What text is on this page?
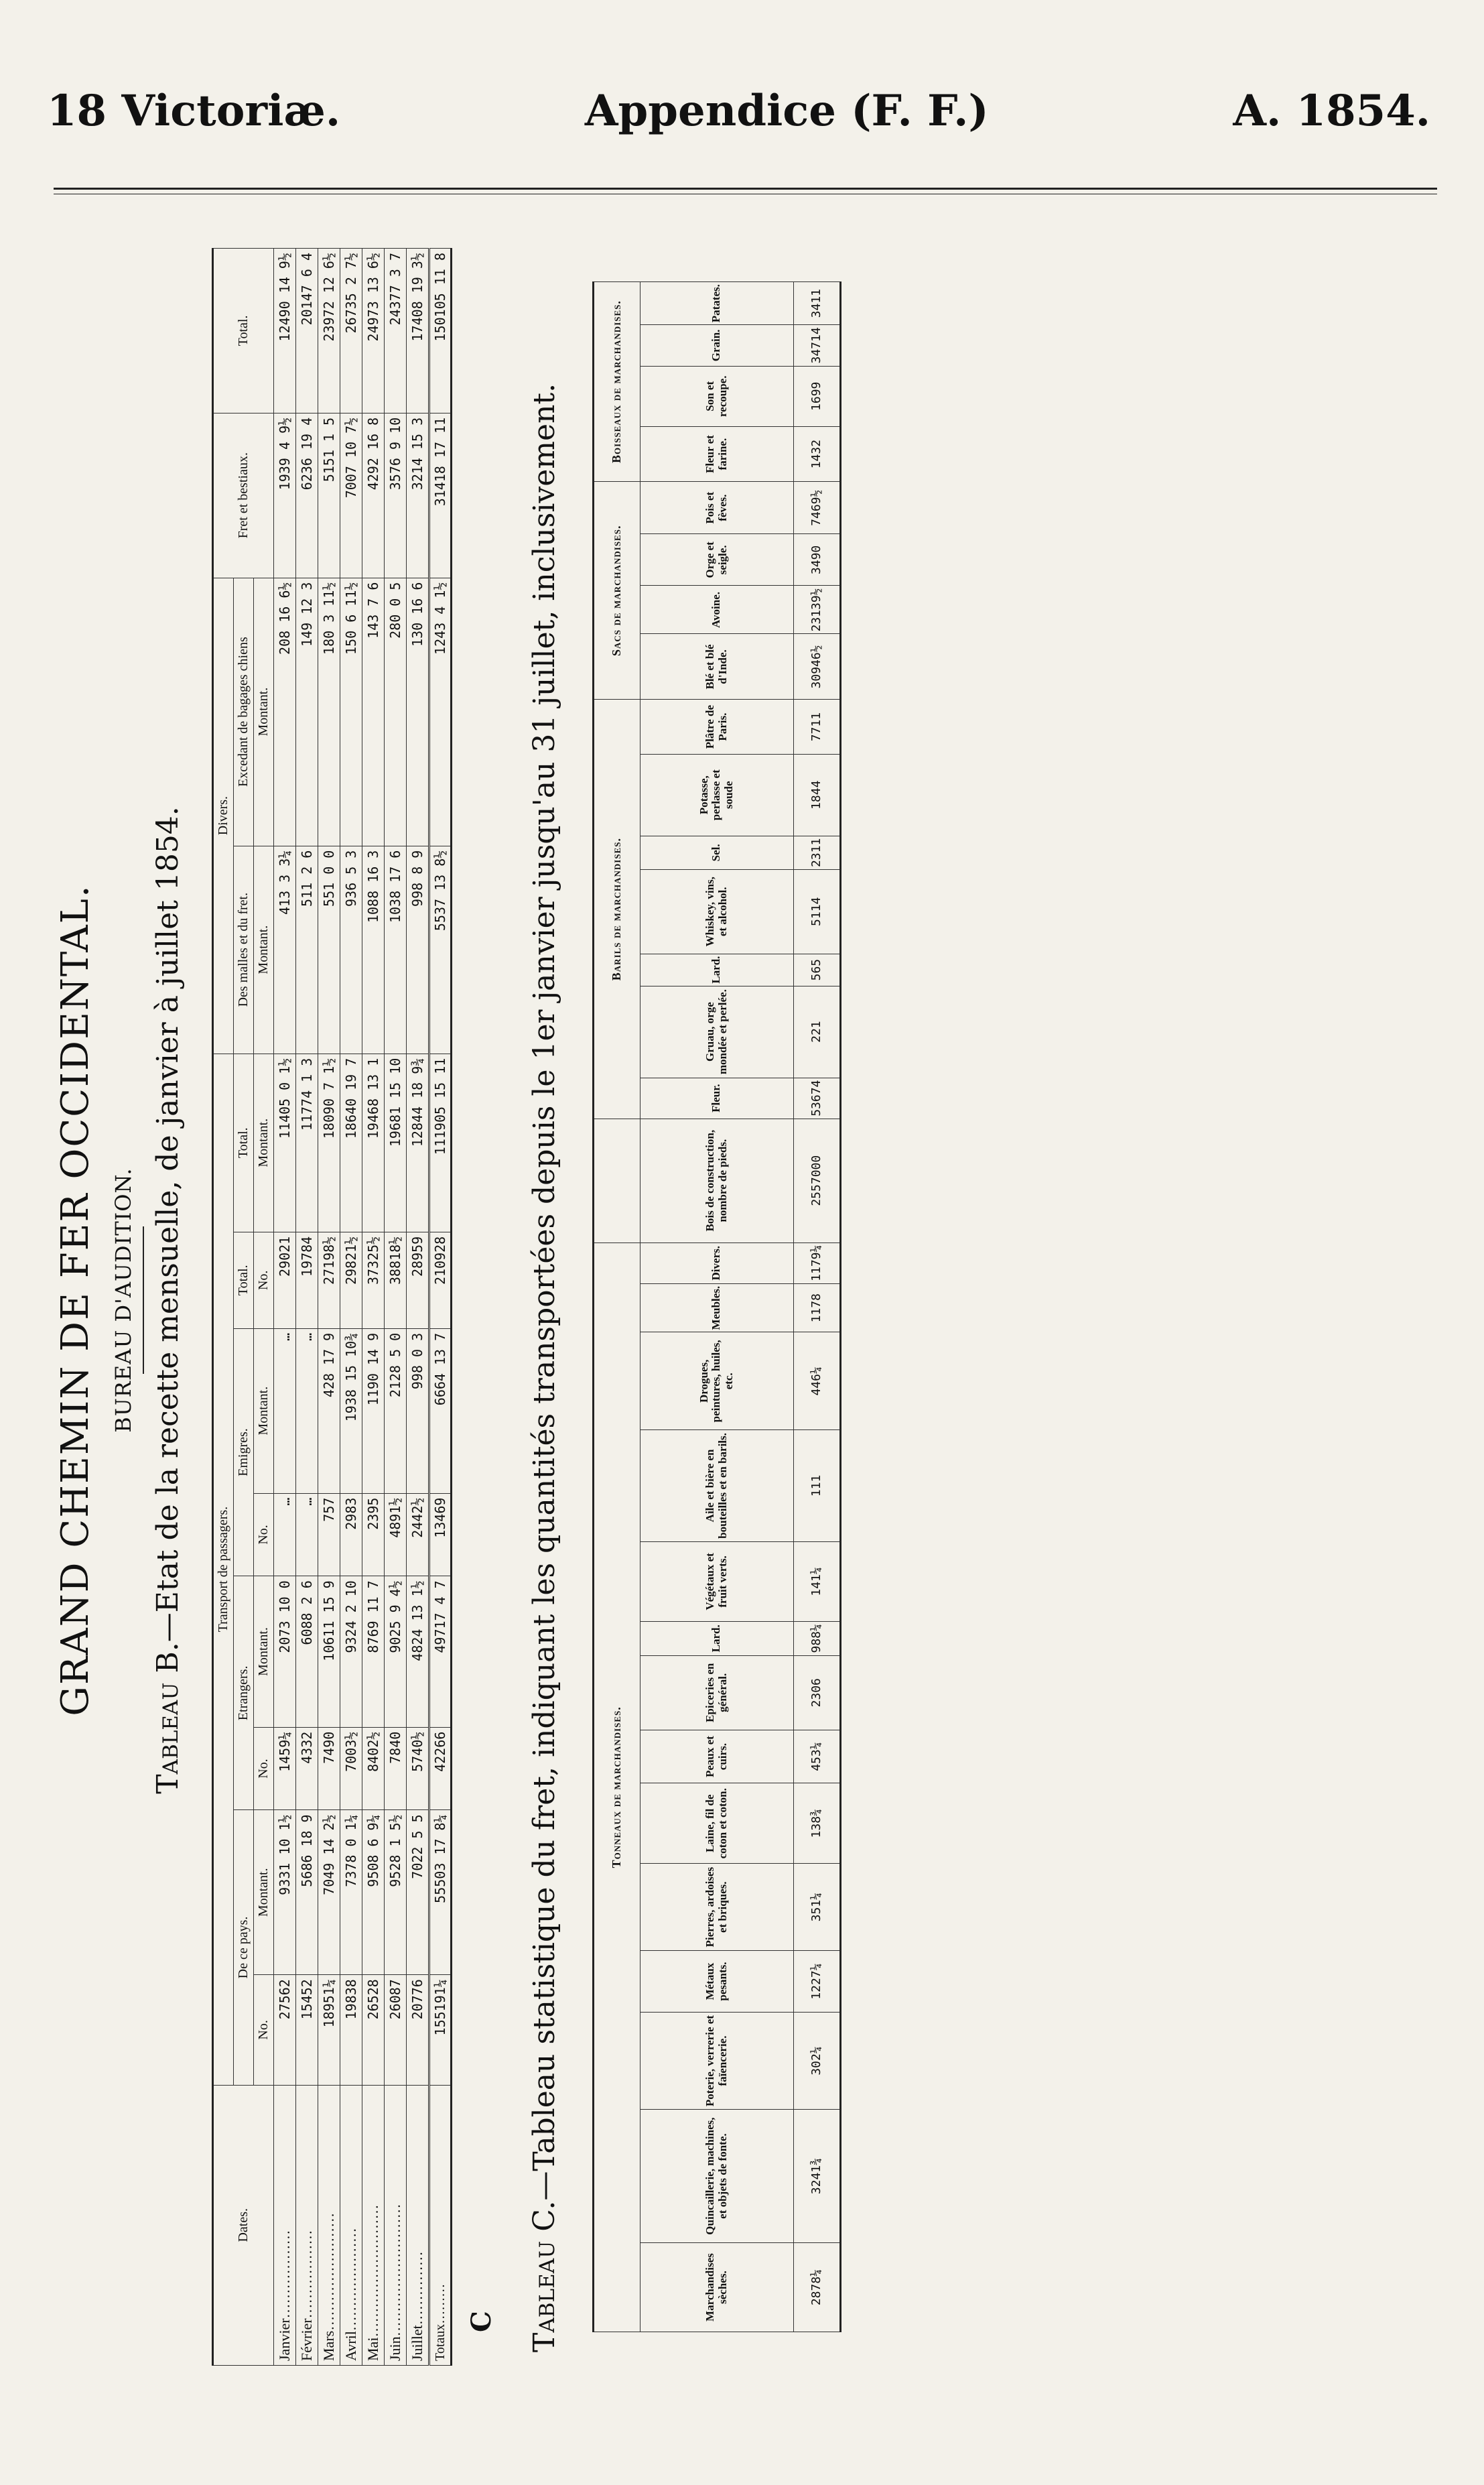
18 Victoriæ.	Appendice (F. F.)	A. 1854.
GRAND CHEMIN DE FER OCCIDENTAL. BUREAU D'AUDITION.
Tableau B.—Etat de la recette mensuelle, de janvier à juillet 1854.
Dates.	Transport de passagers.								Divers.		Fret et bestiaux.	Total.
	De ce pays.		Etrangers.		Emigres.		Total.	Total.	Des malles et du fret.	Excedant de bagages chiens		
	No.	Montant.	No.	Montant.	No.	Montant.	No.	Montant.	Montant.	Montant.		
Janvier………………	27562	9331 10 1½	1459¼	2073 10 0	…	…	29021	11405 0 1½	413 3 3¼	208 16 6½	1939 4 9½	12490 14 9½
Février………………	15452	5686 18 9	4332	6088 2 6	…	…	19784	11774 1 3	511 2 6	149 12 3	6236 19 4	20147 6 4
Mars……………………	18951¼	7049 14 2½	7490	10611 15 9	757	428 17 9	27198½	18090 7 1½	551 0 0	180 3 11½	5151 1 5	23972 12 6½
Avril…………………	19838	7378 0 1¼	7003½	9324 2 10	2983	1938 15 10¾	29821½	18640 19 7	936 5 3	150 6 11½	7007 10 7½	26735 2 7½
Mai………………………	26528	9508 6 9¼	8402½	8769 11 7	2395	1190 14 9	37325½	19468 13 1	1088 16 3	143 7 6	4292 16 8	24973 13 6½
Juin………………………	26087	9528 1 5½	7840	9025 9 4½	4891½	2128 5 0	38818½	19681 15 10	1038 17 6	280 0 5	3576 9 10	24377 3 7
Juillet……………	20776	7022 5 5	5740½	4824 13 1½	2442½	998 0 3	28959	12844 18 9¾	998 8 9	130 16 6	3214 15 3	17408 19 3½
Totaux………	155191¼	55503 17 8¼	42266	49717 4 7	13469	6664 13 7	210928	111905 15 11	5537 13 8½	1243 4 1½	31418 17 11	150105 11 8
C Tableau C.—Tableau statistique du fret, indiquant les quantités transportées depuis le 1er janvier jusqu'au 31 juillet, inclusivement.	Tonneaux de marchandises.															Barils de marchandises.							Sacs de marchandises.				Boisseaux de marchandises.			
Marchandises sèches.	Quincaillerie, machines, et objets de fonte.	Poterie, verrerie et faïencerie.	Métaux pesants.	Pierres, ardoises et briques.	Laine, fil de coton et coton.	Peaux et cuirs.	Epiceries en général.	Lard.	Végétaux et fruit verts.	Aile et bière en bouteilles et en barils.	Drogues, peintures, huiles, etc.	Meubles.	Divers.	Bois de construction, nombre de pieds.	Fleur.	Gruau, orge mondée et perlée.	Lard.	Whiskey, vins, et alcohol.	Sel.	Potasse, perlasse et soude	Plâtre de Paris.	Blé et blé d'Inde.	Avoine.	Orge et seigle.	Pois et fèves.	Fleur et farine.	Son et recoupe.	Grain.	Patates.
2878¼	3241¾	302¼	1227¼	351¼	138¾	453¼	2306	988¼	141¼	111	446¼	1178	1179¼	2557000	53674	221	565	5114	2311	1844	7711	30946½	23139½	3490	7469½	1432	1699	34714	3411
